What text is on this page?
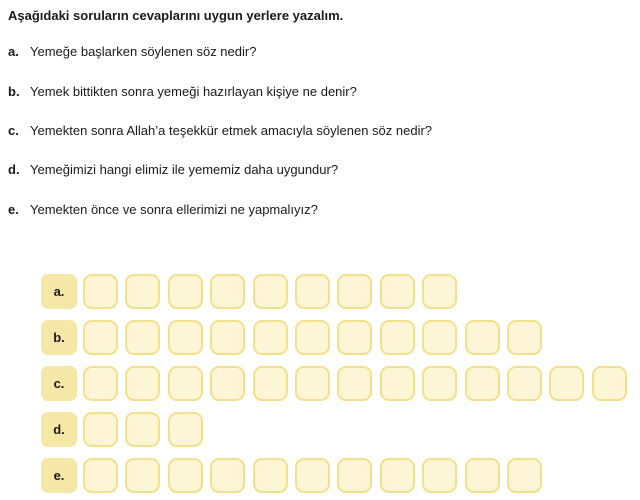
Aşağıdaki soruların cevaplarını uygun yerlere yazalım.
a. Yemeğe başlarken söylenen söz nedir?
b. Yemek bittikten sonra yemeği hazırlayan kişiye ne denir?
c. Yemekten sonra Allah’a teşekkür etmek amacıyla söylenen söz nedir?
d. Yemeğimizi hangi elimiz ile yememiz daha uygundur?
e. Yemekten önce ve sonra ellerimizi ne yapmalıyız?
a.
b.
c.
d.
e.
